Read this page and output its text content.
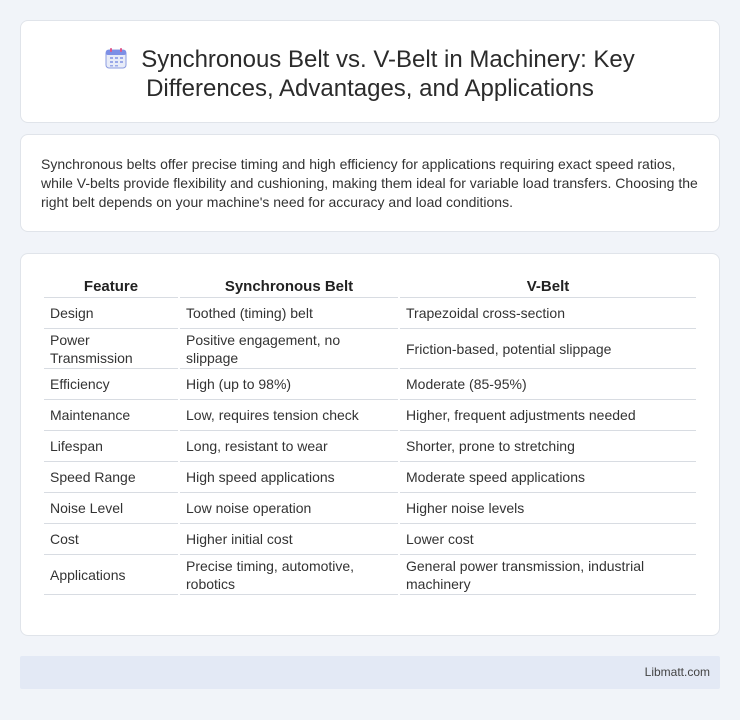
Synchronous Belt vs. V-Belt in Machinery: Key
Differences, Advantages, and Applications

Synchronous belts offer precise timing and high efficiency for applications requiring exact speed ratios, while V-belts provide flexibility and cushioning, making them ideal for variable load transfers. Choosing the right belt depends on your machine's need for accuracy and load conditions.

Feature	Synchronous Belt	V-Belt
Design	Toothed (timing) belt	Trapezoidal cross-section
Power Transmission	Positive engagement, no slippage	Friction-based, potential slippage
Efficiency	High (up to 98%)	Moderate (85-95%)
Maintenance	Low, requires tension check	Higher, frequent adjustments needed
Lifespan	Long, resistant to wear	Shorter, prone to stretching
Speed Range	High speed applications	Moderate speed applications
Noise Level	Low noise operation	Higher noise levels
Cost	Higher initial cost	Lower cost
Applications	Precise timing, automotive, robotics	General power transmission, industrial machinery
Libmatt.com
